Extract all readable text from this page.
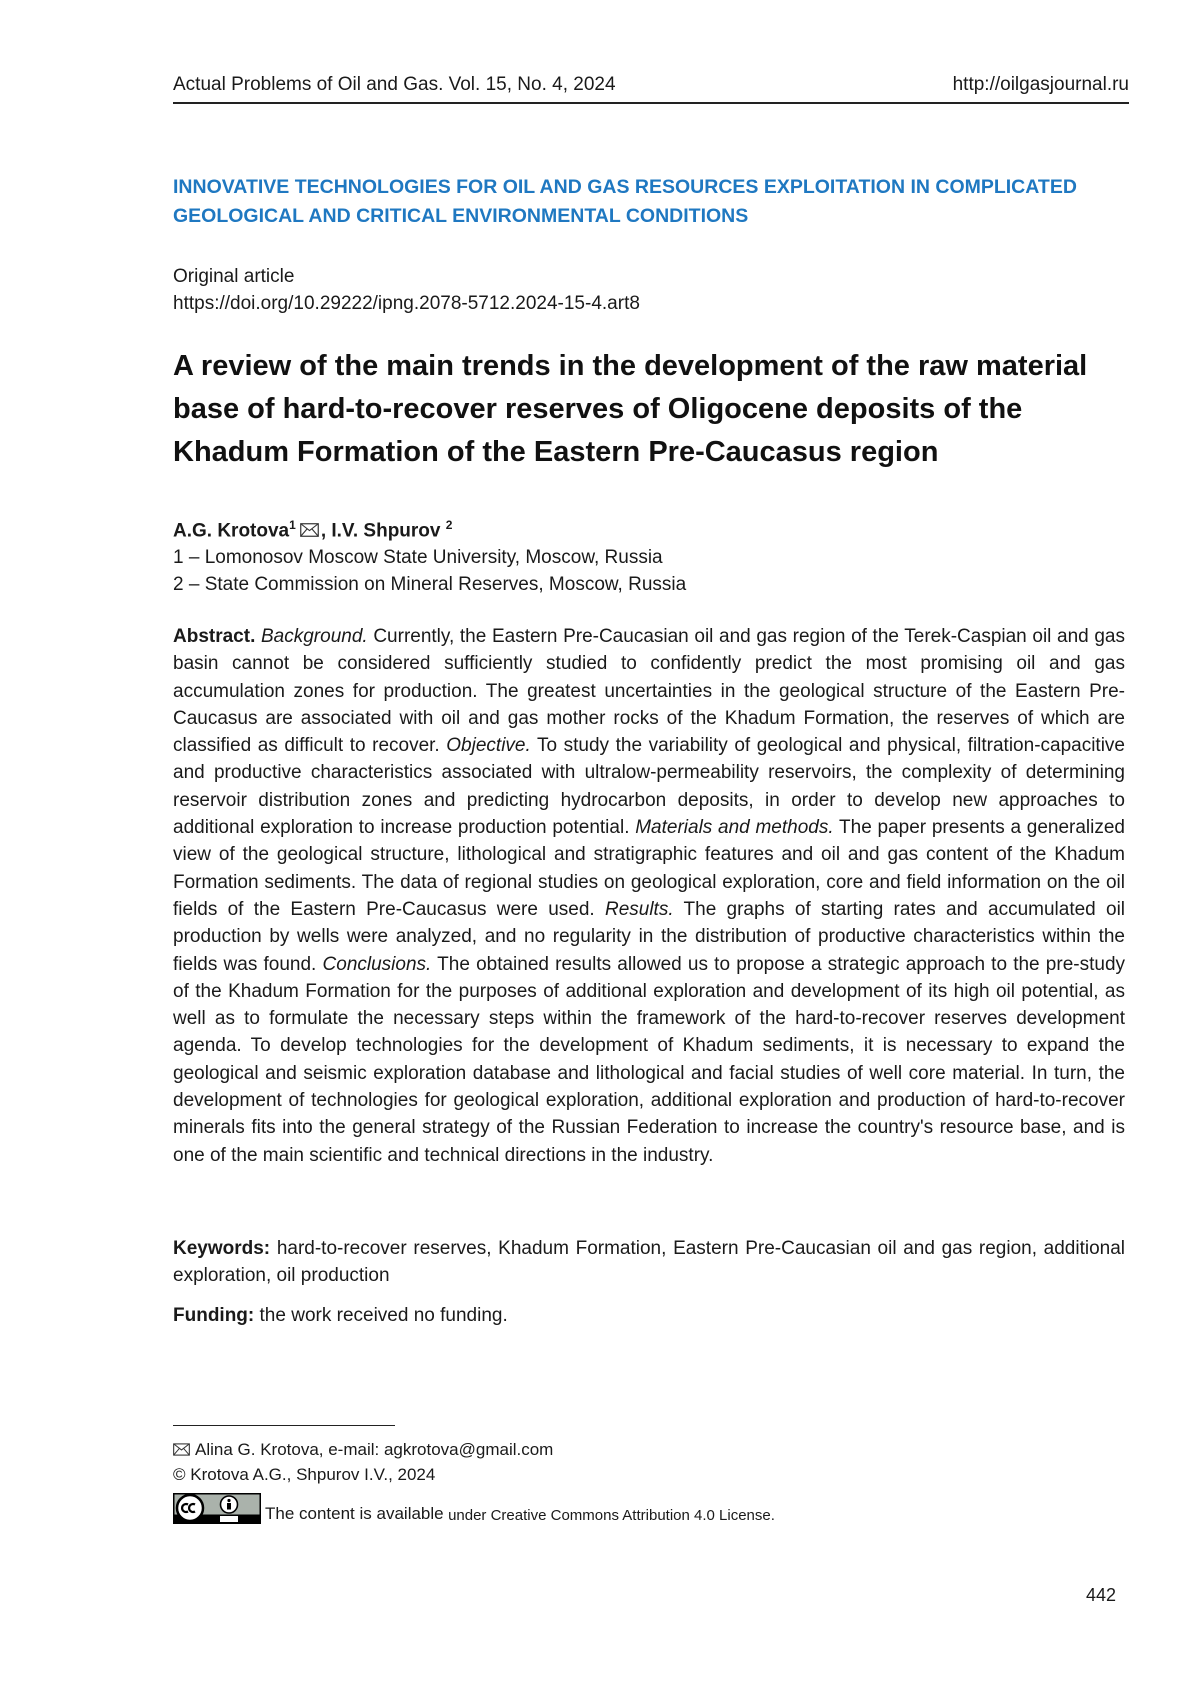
Actual Problems of Oil and Gas. Vol. 15, No. 4, 2024	http://oilgasjournal.ru
INNOVATIVE TECHNOLOGIES FOR OIL AND GAS RESOURCES EXPLOITATION IN COMPLICATED GEOLOGICAL AND CRITICAL ENVIRONMENTAL CONDITIONS
Original article
https://doi.org/10.29222/ipng.2078-5712.2024-15-4.art8
A review of the main trends in the development of the raw material base of hard-to-recover reserves of Oligocene deposits of the Khadum Formation of the Eastern Pre-Caucasus region
A.G. Krotova$^1$ , I.V. Shpurov $^2$
1 – Lomonosov Moscow State University, Moscow, Russia
2 – State Commission on Mineral Reserves, Moscow, Russia

Abstract. Background. Currently, the Eastern Pre-Caucasian oil and gas region of the Terek-Caspian oil and gas basin cannot be considered sufficiently studied to confidently predict the most promising oil and gas accumulation zones for production. The greatest uncertainties in the geological structure of the Eastern Pre-Caucasus are associated with oil and gas mother rocks of the Khadum Formation, the reserves of which are classified as difficult to recover. Objective. To study the variability of geological and physical, filtration-capacitive and productive characteristics associated with ultralow-permeability reservoirs, the complexity of determining reservoir distribution zones and predicting hydrocarbon deposits, in order to develop new approaches to additional exploration to increase production potential. Materials and methods. The paper presents a generalized view of the geological structure, lithological and stratigraphic features and oil and gas content of the Khadum Formation sediments. The data of regional studies on geological exploration, core and field information on the oil fields of the Eastern Pre-Caucasus were used. Results. The graphs of starting rates and accumulated oil production by wells were analyzed, and no regularity in the distribution of productive characteristics within the fields was found. Conclusions. The obtained results allowed us to propose a strategic approach to the pre-study of the Khadum Formation for the purposes of additional exploration and development of its high oil potential, as well as to formulate the necessary steps within the framework of the hard-to-recover reserves development agenda. To develop technologies for the development of Khadum sediments, it is necessary to expand the geological and seismic exploration database and lithological and facial studies of well core material. In turn, the development of technologies for geological exploration, additional exploration and production of hard-to-recover minerals fits into the general strategy of the Russian Federation to increase the country's resource base, and is one of the main scientific and technical directions in the industry.

Keywords: hard-to-recover reserves, Khadum Formation, Eastern Pre-Caucasian oil and gas region, additional exploration, oil production

Funding: the work received no funding.

Alina G. Krotova, e-mail: agkrotova@gmail.com
© Krotova A.G., Shpurov I.V., 2024
The content is available
under Creative Commons Attribution 4.0 License.
442
